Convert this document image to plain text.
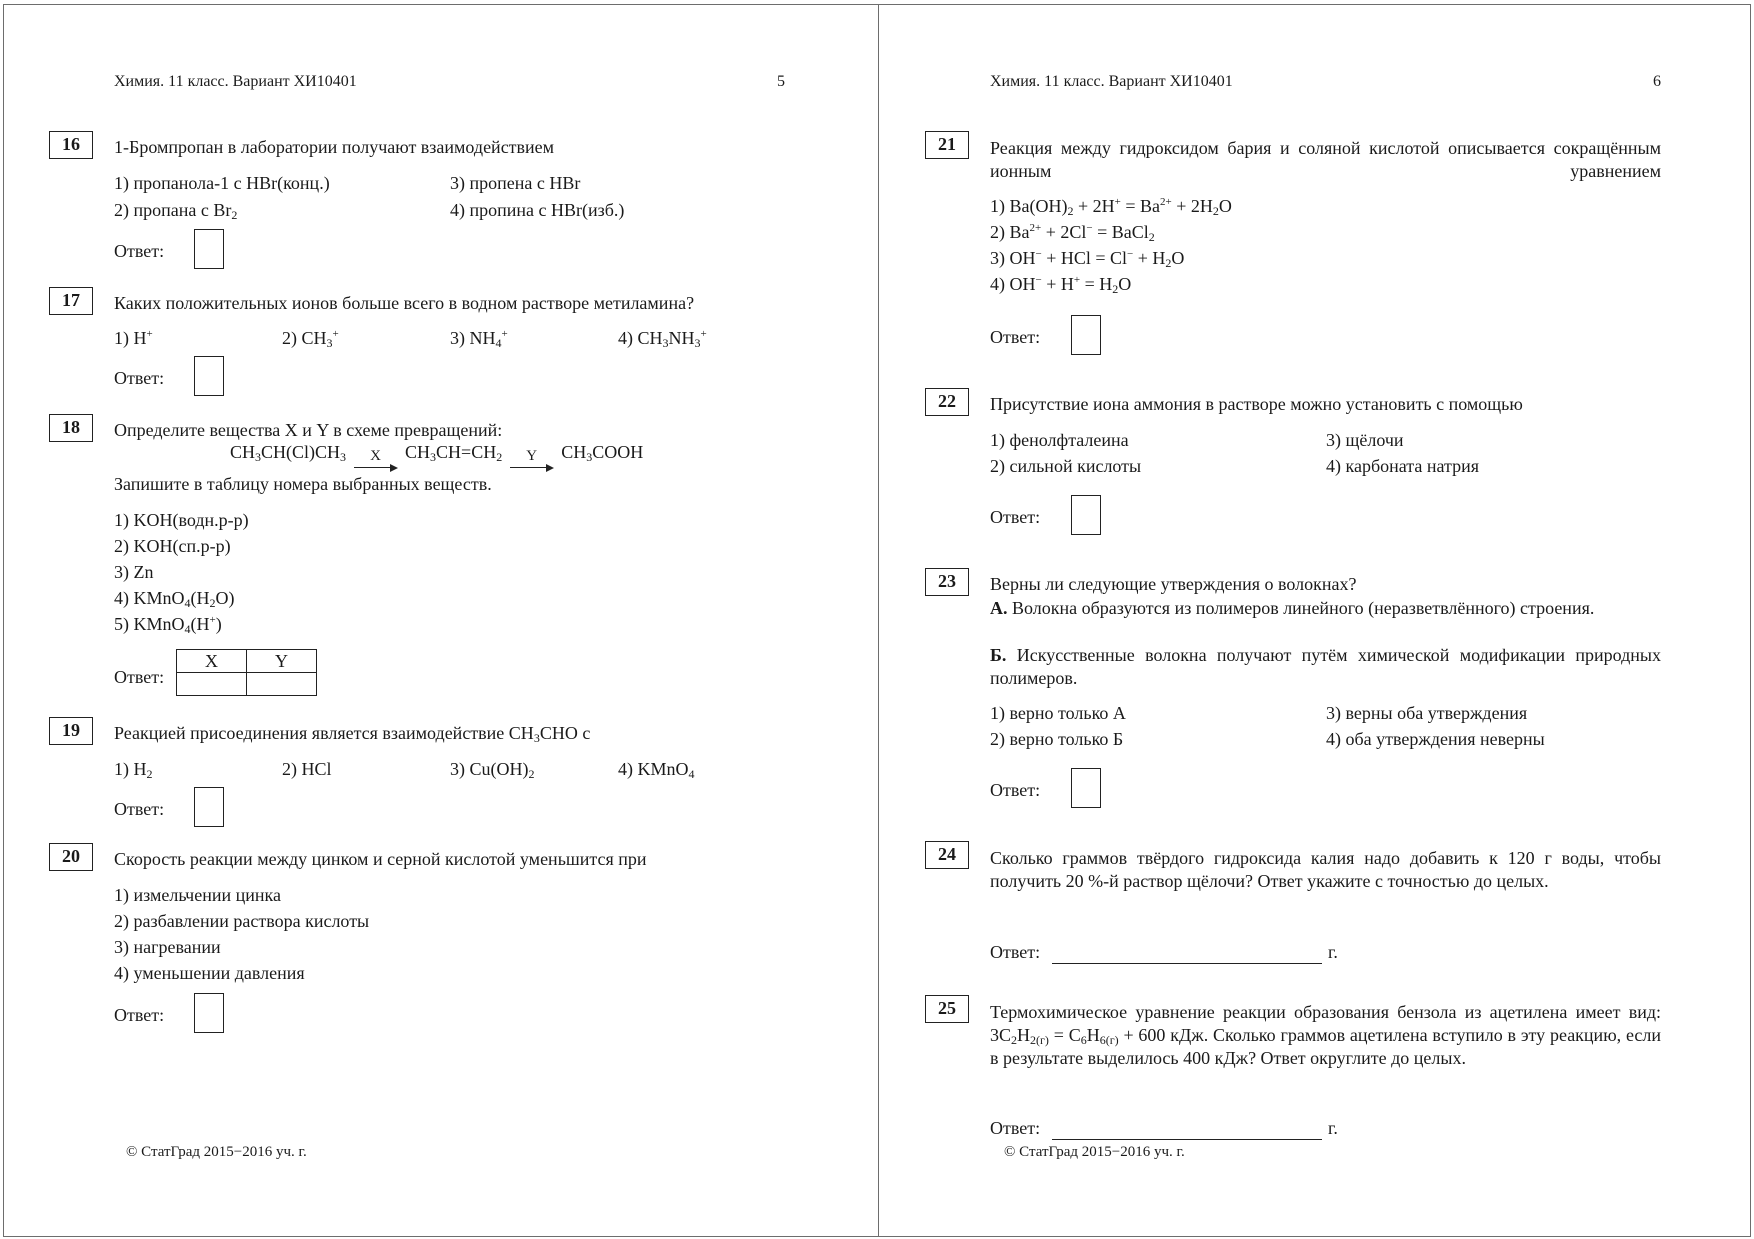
Химия. 11 класс. Вариант ХИ10401	5
16	1-Бромпропан в лаборатории получают взаимодействием
1) пропанола-1 с HBr(конц.)
2) пропана с $Br_2$
3) пропена с HBr
4) пропина с HBr(изб.)
Ответ:
17	Каких положительных ионов больше всего в водном растворе метиламина?
1) H+	2) $CH_3^+$	3) $NH_4^+$	4) $CH_3NH_3^+$
Ответ:
18	Определите вещества X и Y в схеме превращений:
$CH_3CH(Cl)CH_3$ X $CH_3CH=CH_2$ Y $CH_3COOH$
Запишите в таблицу номера выбранных веществ.
1) KOH(водн.р-р)
2) KOH(сп.р-р)
3) Zn
4) $KMnO_4(H_2O)$
5) KMnO$_4$(H+)
Ответ:
X	Y

19	Реакцией присоединения является взаимодействие $CH_3CHO$ с
1) $H_2$	2) HCl	3) $Cu(OH)_2$	4) KMnO$_4$
Ответ:
20	Скорость реакции между цинком и серной кислотой уменьшится при
1) измельчении цинка
2) разбавлении раствора кислоты
3) нагревании
4) уменьшении давления
Ответ:
© СтатГрад 2015−2016 уч. г.
Химия. 11 класс. Вариант ХИ10401	6
21	Реакция между гидроксидом бария и соляной кислотой описывается сокращённым ионным уравнением
1) $Ba(OH)_2 + 2H^+ = Ba^{2+} + 2H_2O$
2) $Ba^{2+} + 2Cl^-$ = BaCl$_2$
3) OH− + HCl = $Cl^- + H_2O$
4) $OH^- + H^+ = H_2O$
Ответ:
22	Присутствие иона аммония в растворе можно установить с помощью
1) фенолфталеина
2) сильной кислоты
3) щёлочи
4) карбоната натрия
Ответ:
23	Верны ли следующие утверждения о волокнах?
А. Волокна образуются из полимеров линейного (неразветвлённого) строения.
Б. Искусственные волокна получают путём химической модификации природных полимеров.
1) верно только А
2) верно только Б
3) верны оба утверждения
4) оба утверждения неверны
Ответ:
24	Сколько граммов твёрдого гидроксида калия надо добавить к 120 г воды, чтобы получить 20 %-й раствор щёлочи? Ответ укажите с точностью до целых.
Ответ:	г.
25	Термохимическое уравнение реакции образования бензола из ацетилена имеет вид: $3C_2H_{2(г)} = C_6H_{6(г)} + 600$ кДж. Сколько граммов ацетилена вступило в эту реакцию, если в результате выделилось 400 кДж? Ответ округлите до целых.
Ответ:	г.
© СтатГрад 2015−2016 уч. г.
